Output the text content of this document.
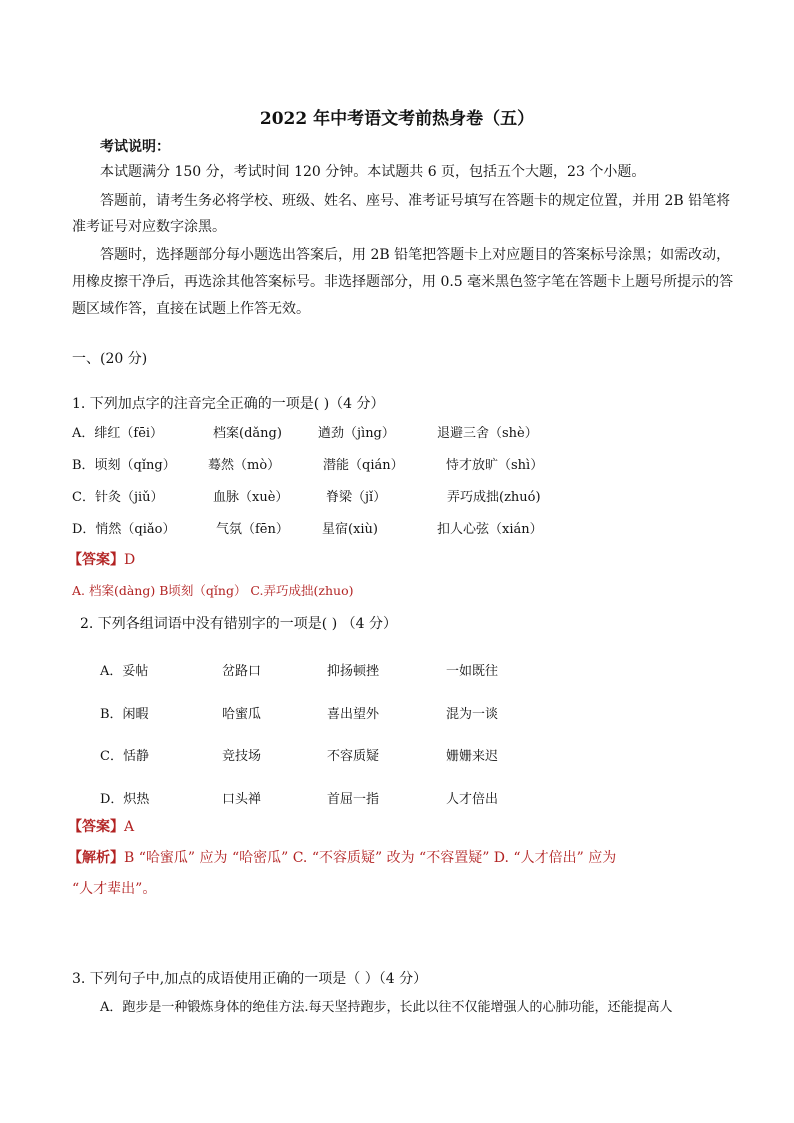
2022 年中考语文考前热身卷（五）
考试说明：
本试题满分 150 分，考试时间 120 分钟。本试题共 6 页，包括五个大题，23 个小题。
答题前，请考生务必将学校、班级、姓名、座号、准考证号填写在答题卡的规定位置，并用 2B 铅笔将
准考证号对应数字涂黑。
答题时，选择题部分每小题选出答案后，用 2B 铅笔把答题卡上对应题目的答案标号涂黑；如需改动，
用橡皮擦干净后，再选涂其他答案标号。非选择题部分，用 0.5 毫米黑色签字笔在答题卡上题号所提示的答
题区域作答，直接在试题上作答无效。
一、(20 分)
1. 下列加点字的注音完全正确的一项是( )（4 分）
A．绯红（fēi）	档案(dǎng)	遒劲（jìng）	退避三舍（shè）
B．顷刻（qǐng） 蓦然（mò）	潜能（qián）	恃才放旷（shì）
C．针灸（jiǔ）	血脉（xuè）	脊梁（jǐ）	弄巧成拙(zhuó)
D．悄然（qiǎo）	气氛（fēn）	星宿(xiù)	扣人心弦（xián）
【答案】D
A. 档案(dàng) B顷刻（qǐng） C.弄巧成拙(zhuo)
2. 下列各组词语中没有错别字的一项是( ) （4 分）
A．妥帖	岔路口	抑扬顿挫	一如既往
B．闲暇	哈蜜瓜	喜出望外	混为一谈
C．恬静	竞技场	不容质疑	姗姗来迟
D．炽热	口头禅	首屈一指	人才倍出
【答案】A
【解析】B “哈蜜瓜” 应为 “哈密瓜” C. “不容质疑” 改为 “不容置疑” D. “人才倍出” 应为
“人才辈出”。
3. 下列句子中,加点的成语使用正确的一项是（ ）（4 分）
A．跑步是一种锻炼身体的绝佳方法.每天坚持跑步，长此以往不仅能增强人的心肺功能，还能提高人
